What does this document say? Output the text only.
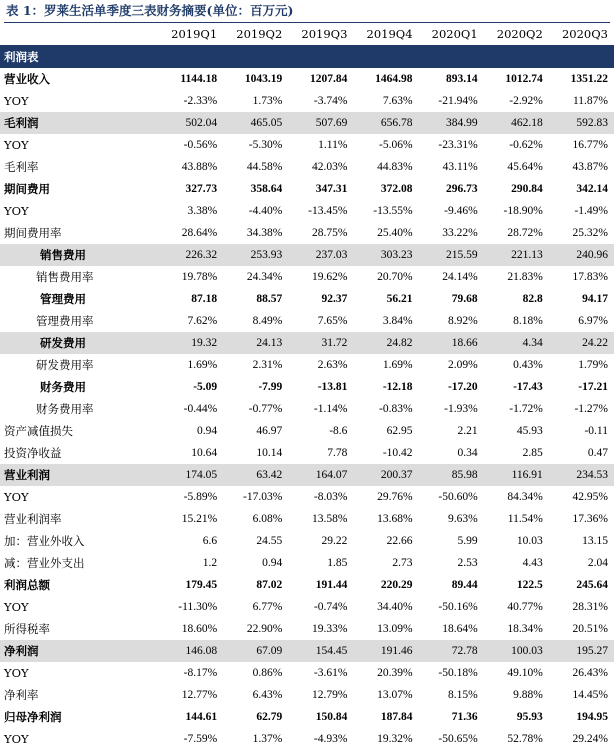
表 1：罗莱生活单季度三表财务摘要(单位：百万元)
	2019Q1	2019Q2	2019Q3	2019Q4	2020Q1	2020Q2	2020Q3
利润表							
营业收入	1144.18	1043.19	1207.84	1464.98	893.14	1012.74	1351.22
YOY	-2.33%	1.73%	-3.74%	7.63%	-21.94%	-2.92%	11.87%
毛利润	502.04	465.05	507.69	656.78	384.99	462.18	592.83
YOY	-0.56%	-5.30%	1.11%	-5.06%	-23.31%	-0.62%	16.77%
毛利率	43.88%	44.58%	42.03%	44.83%	43.11%	45.64%	43.87%
期间费用	327.73	358.64	347.31	372.08	296.73	290.84	342.14
YOY	3.38%	-4.40%	-13.45%	-13.55%	-9.46%	-18.90%	-1.49%
期间费用率	28.64%	34.38%	28.75%	25.40%	33.22%	28.72%	25.32%
销售费用	226.32	253.93	237.03	303.23	215.59	221.13	240.96
销售费用率	19.78%	24.34%	19.62%	20.70%	24.14%	21.83%	17.83%
管理费用	87.18	88.57	92.37	56.21	79.68	82.8	94.17
管理费用率	7.62%	8.49%	7.65%	3.84%	8.92%	8.18%	6.97%
研发费用	19.32	24.13	31.72	24.82	18.66	4.34	24.22
研发费用率	1.69%	2.31%	2.63%	1.69%	2.09%	0.43%	1.79%
财务费用	-5.09	-7.99	-13.81	-12.18	-17.20	-17.43	-17.21
财务费用率	-0.44%	-0.77%	-1.14%	-0.83%	-1.93%	-1.72%	-1.27%
资产减值损失	0.94	46.97	-8.6	62.95	2.21	45.93	-0.11
投资净收益	10.64	10.14	7.78	-10.42	0.34	2.85	0.47
营业利润	174.05	63.42	164.07	200.37	85.98	116.91	234.53
YOY	-5.89%	-17.03%	-8.03%	29.76%	-50.60%	84.34%	42.95%
营业利润率	15.21%	6.08%	13.58%	13.68%	9.63%	11.54%	17.36%
加：营业外收入	6.6	24.55	29.22	22.66	5.99	10.03	13.15
减：营业外支出	1.2	0.94	1.85	2.73	2.53	4.43	2.04
利润总额	179.45	87.02	191.44	220.29	89.44	122.5	245.64
YOY	-11.30%	6.77%	-0.74%	34.40%	-50.16%	40.77%	28.31%
所得税率	18.60%	22.90%	19.33%	13.09%	18.64%	18.34%	20.51%
净利润	146.08	67.09	154.45	191.46	72.78	100.03	195.27
YOY	-8.17%	0.86%	-3.61%	20.39%	-50.18%	49.10%	26.43%
净利率	12.77%	6.43%	12.79%	13.07%	8.15%	9.88%	14.45%
归母净利润	144.61	62.79	150.84	187.84	71.36	95.93	194.95
YOY	-7.59%	1.37%	-4.93%	19.32%	-50.65%	52.78%	29.24%
